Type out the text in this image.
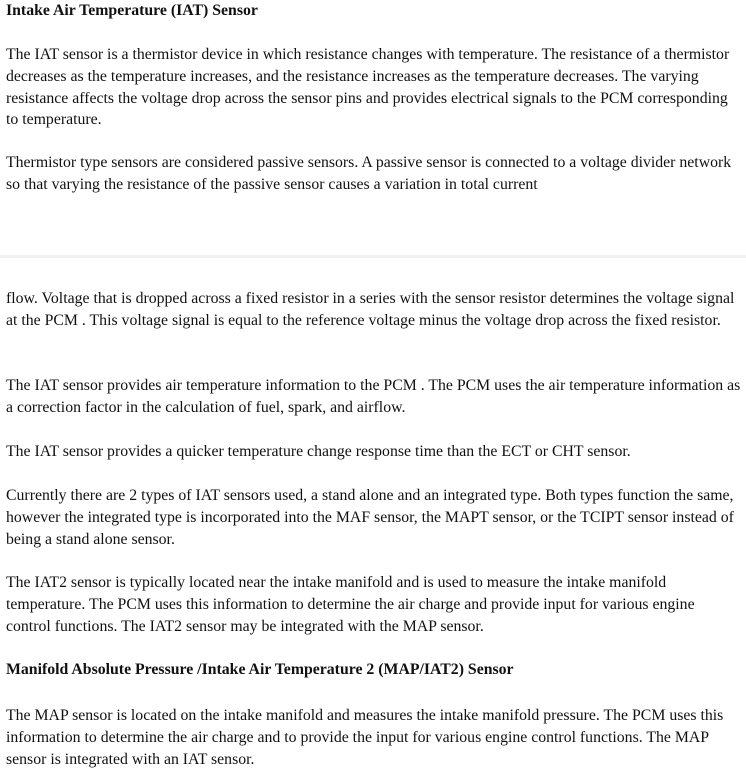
Intake Air Temperature (IAT) Sensor

The IAT sensor is a thermistor device in which resistance changes with temperature. The resistance of a thermistor decreases as the temperature increases, and the resistance increases as the temperature decreases. The varying resistance affects the voltage drop across the sensor pins and provides electrical signals to the PCM corresponding to temperature.

Thermistor type sensors are considered passive sensors. A passive sensor is connected to a voltage divider network so that varying the resistance of the passive sensor causes a variation in total current

flow. Voltage that is dropped across a fixed resistor in a series with the sensor resistor determines the voltage signal at the PCM . This voltage signal is equal to the reference voltage minus the voltage drop across the fixed resistor.

The IAT sensor provides air temperature information to the PCM . The PCM uses the air temperature information as a correction factor in the calculation of fuel, spark, and airflow.

The IAT sensor provides a quicker temperature change response time than the ECT or CHT sensor.

Currently there are 2 types of IAT sensors used, a stand alone and an integrated type. Both types function the same, however the integrated type is incorporated into the MAF sensor, the MAPT sensor, or the TCIPT sensor instead of being a stand alone sensor.

The IAT2 sensor is typically located near the intake manifold and is used to measure the intake manifold temperature. The PCM uses this information to determine the air charge and provide input for various engine control functions. The IAT2 sensor may be integrated with the MAP sensor.

Manifold Absolute Pressure /Intake Air Temperature 2 (MAP/IAT2) Sensor

The MAP sensor is located on the intake manifold and measures the intake manifold pressure. The PCM uses this information to determine the air charge and to provide the input for various engine control functions. The MAP sensor is integrated with an IAT sensor.
